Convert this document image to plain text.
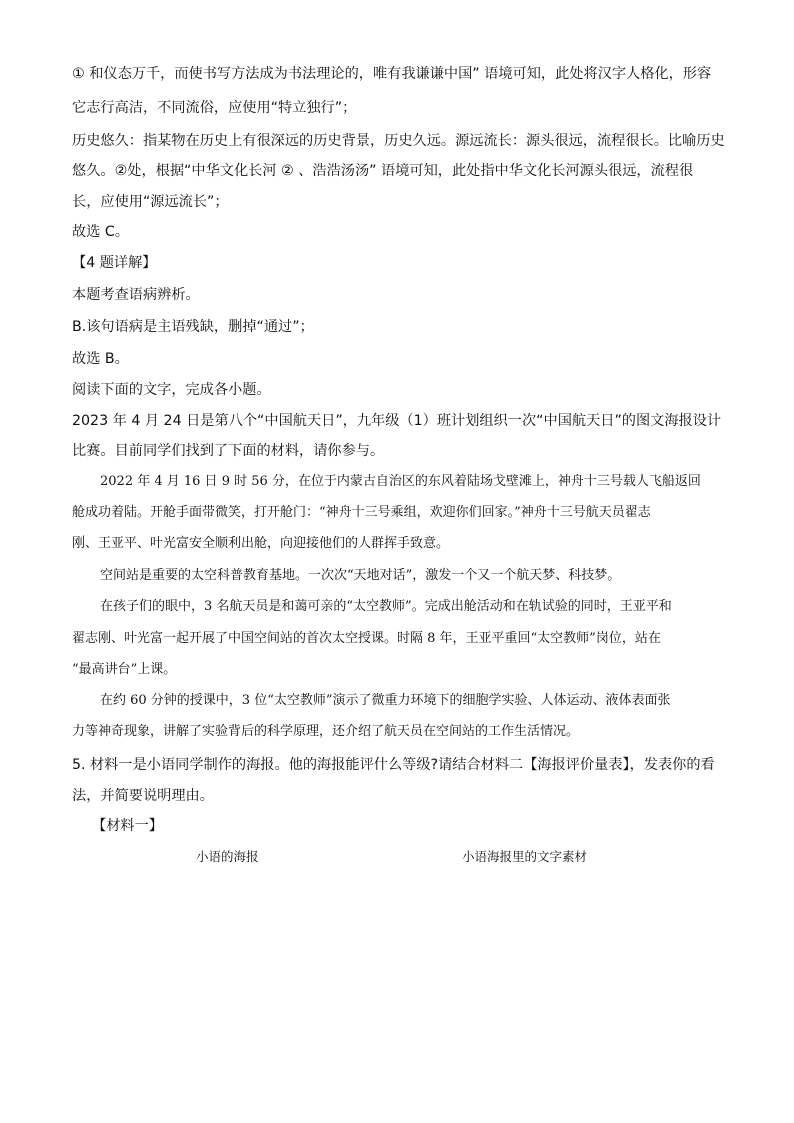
① 和仪态万千，而使书写方法成为书法理论的，唯有我谦谦中国” 语境可知，此处将汉字人格化，形容
它志行高洁，不同流俗，应使用“特立独行”；
历史悠久：指某物在历史上有很深远的历史背景，历史久远。源远流长：源头很远，流程很长。比喻历史
悠久。②处，根据“中华文化长河 ② 、浩浩汤汤” 语境可知，此处指中华文化长河源头很远，流程很
长，应使用“源远流长”；
故选 C。
【4 题详解】
本题考查语病辨析。
B.该句语病是主语残缺，删掉“通过”；
故选 B。
阅读下面的文字，完成各小题。
2023 年 4 月 24 日是第八个“中国航天日”，九年级（1）班计划组织一次“中国航天日”的图文海报设计
比赛。目前同学们找到了下面的材料，请你参与。
2022 年 4 月 16 日 9 时 56 分，在位于内蒙古自治区的东风着陆场戈壁滩上，神舟十三号载人飞船返回
舱成功着陆。开舱手面带微笑，打开舱门：“神舟十三号乘组，欢迎你们回家。”神舟十三号航天员翟志
刚、王亚平、叶光富安全顺利出舱，向迎接他们的人群挥手致意。
空间站是重要的太空科普教育基地。一次次“天地对话”，激发一个又一个航天梦、科技梦。
在孩子们的眼中，3 名航天员是和蔼可亲的“太空教师”。完成出舱活动和在轨试验的同时，王亚平和
翟志刚、叶光富一起开展了中国空间站的首次太空授课。时隔 8 年，王亚平重回“太空教师”岗位，站在
“最高讲台”上课。
在约 60 分钟的授课中，3 位“太空教师”演示了微重力环境下的细胞学实验、人体运动、液体表面张
力等神奇现象，讲解了实验背后的科学原理，还介绍了航天员在空间站的工作生活情况。
5. 材料一是小语同学制作的海报。他的海报能评什么等级?请结合材料二【海报评价量表】，发表你的看
法，并简要说明理由。
【材料一】
小语的海报	小语海报里的文字素材
